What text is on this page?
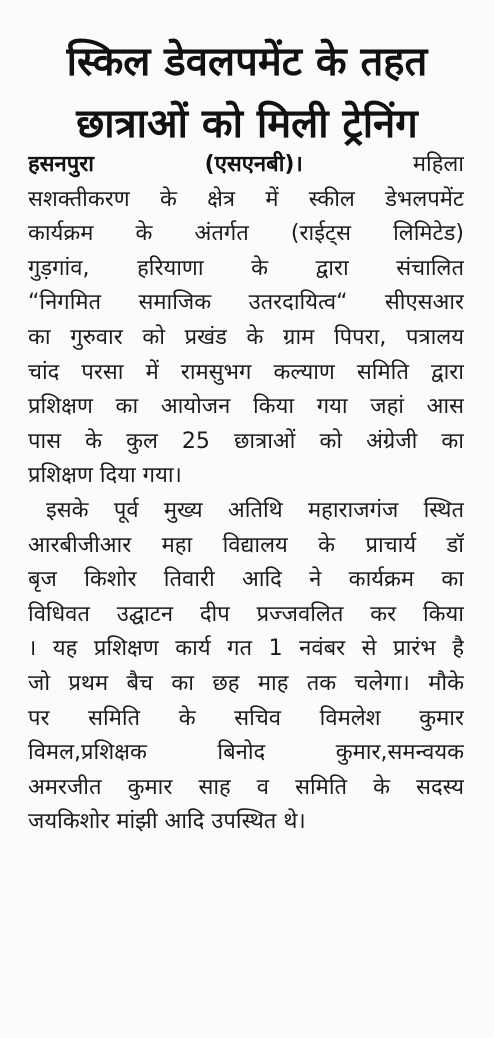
स्किल डेवलपमेंट के तहत
छात्राओं को मिली ट्रेनिंग
हसनपुरा (एसएनबी)।	महिला
सशक्तीकरण के क्षेत्र में स्कील डेभलपमेंट
कार्यक्रम के अंतर्गत (राईट्स लिमिटेड)
गुड़गांव, हरियाणा के द्वारा संचालित
“निगमित समाजिक उतरदायित्व“ सीएसआर
का गुरुवार को प्रखंड के ग्राम पिपरा, पत्रालय
चांद परसा में रामसुभग कल्याण समिति द्वारा
प्रशिक्षण का आयोजन किया गया जहां आस
पास के कुल 25 छात्राओं को अंग्रेजी का
प्रशिक्षण दिया गया।
इसके पूर्व मुख्य अतिथि महाराजगंज स्थित
आरबीजीआर महा विद्यालय के प्राचार्य डॉ
बृज किशोर तिवारी आदि ने कार्यक्रम का
विधिवत उद्घाटन दीप प्रज्जवलित कर किया
। यह प्रशिक्षण कार्य गत 1 नवंबर से प्रारंभ है
जो प्रथम बैच का छह माह तक चलेगा। मौके
पर समिति के सचिव विमलेश कुमार
विमल,प्रशिक्षक बिनोद कुमार,समन्वयक
अमरजीत कुमार साह व समिति के सदस्य
जयकिशोर मांझी आदि उपस्थित थे।
